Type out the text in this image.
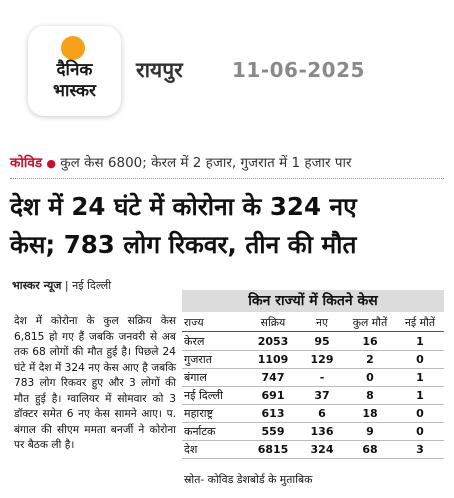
दैनिक
भास्कर
रायपुर 11-06-2025
कोविड ● कुल केस 6800; केरल में 2 हजार, गुजरात में 1 हजार पार
देश में 24 घंटे में कोरोना के 324 नए
केस; 783 लोग रिकवर, तीन की मौत
भास्कर न्यूज | नई दिल्ली
देश में कोरोना के कुल सक्रिय केस 6,815 हो गए हैं जबकि जनवरी से अब तक 68 लोगों की मौत हुई है। पिछले 24 घंटे में देश में 324 नए केस आए है जबकि 783 लोग रिकवर हुए और 3 लोगों की मौत हुई है। ग्वालियर में सोमवार को 3 डॉक्टर समेत 6 नए केस सामने आए। प. बंगाल की सीएम ममता बनर्जी ने कोरोना पर बैठक ली है।
किन राज्यों में कितने केस
राज्य	सक्रिय	नए	कुल मौतें	नई मौतें
केरल	2053	95	16	1
गुजरात	1109	129	2	0
बंगाल	747	-	0	1
नई दिल्ली	691	37	8	1
महाराष्ट्र	613	6	18	0
कर्नाटक	559	136	9	0
देश	6815	324	68	3
स्रोत- कोविड डेशबोर्ड के मुताबिक
